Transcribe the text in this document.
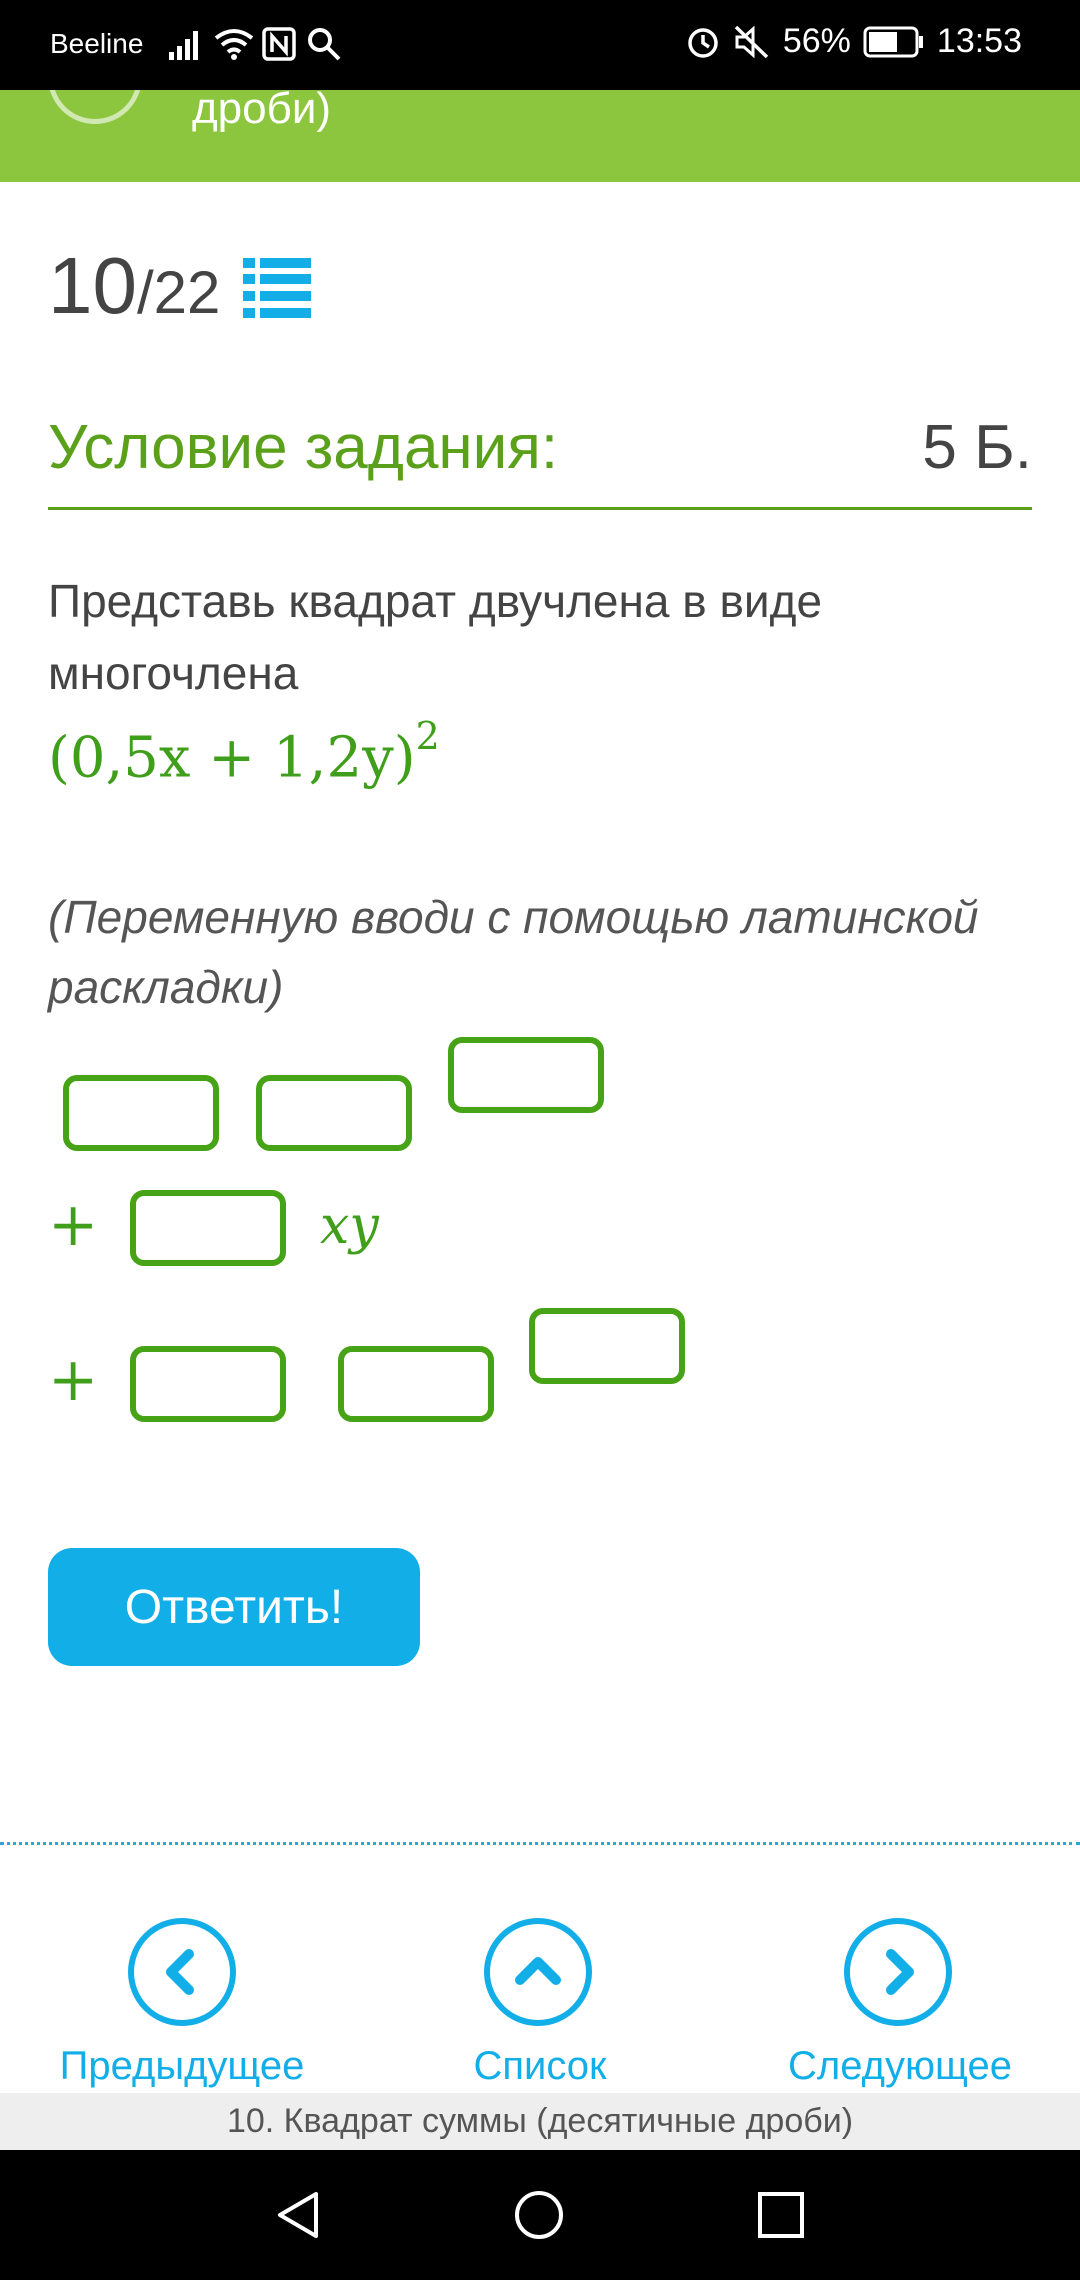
Beeline	56%	13:53
дроби)
10 /22
Условие задания:	5 Б.
Представь квадрат двучлена в виде многочлена
$(0,5x + 1,2y)^2$
(Переменную вводи с помощью латинской раскладки)
+	xy
+
Ответить!
Предыдущее	Список	Следующее
10. Квадрат суммы (десятичные дроби)
